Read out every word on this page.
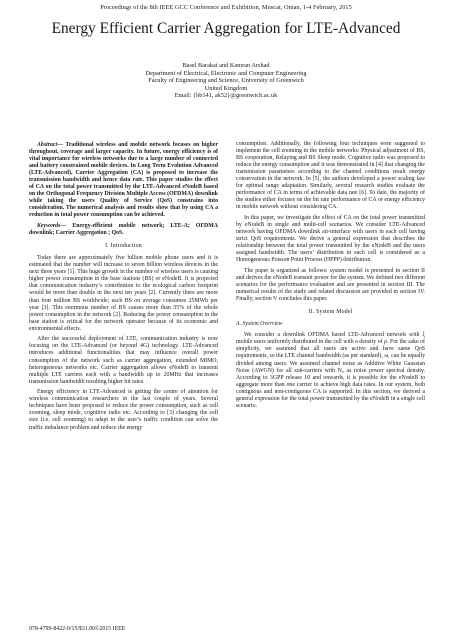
Proceedings of the 8th IEEE GCC Conference and Exhibition, Muscat, Oman, 1-4 February, 2015
Energy Efficient Carrier Aggregation for LTE-Advanced
Basel Barakat and Kamran Arshad
Department of Electrical, Electronic and Computer Engineering
Faculty of Engineering and Science, University of Greenwich
United Kingdom
Email: {bb141, ak52}@greenwich.ac.uk

Abstract— Traditional wireless and mobile network focuses on higher throughout, coverage and larger capacity. In future, energy efficiency is of vital importance for wireless networks due to a large number of connected and battery constrained mobile devices. In Long Term Evolution Advanced (LTE-Advanced), Carrier Aggregation (CA) is proposed to increase the transmission bandwidth and hence data rate. This paper studies the effect of CA on the total power transmitted by the LTE-Advanced eNodeB based on the Orthogonal Frequency Division Multiple Access (OFDMA) downlink while taking the users Quality of Service (QoS) constrains into consideration. The numerical analysis and results show that by using CA a reduction in total power consumption can be achieved.

Keywords— Energy-efficient mobile network; LTE-A; OFDMA downlink; Carrier Aggregation ; QoS.

I. Introduction

Today there are approximately five billion mobile phone users and it is estimated that the number will increase to seven billion wireless devices in the next three years [1]. This huge growth in the number of wireless users is causing higher power consumption in the base stations (BS) or eNodeB. It is projected that communication industry’s contribution to the ecological carbon footprint would be more than double in the next ten years [2]. Currently there are more than four million BS worldwide; each BS on average consumes 25MWh per year [3]. This enormous number of BS causes more than 55% of the whole power consumption in the network [2]. Reducing the power consumption in the base station is critical for the network operator because of its economic and environmental effects.

After the successful deployment of LTE, communication industry is now focusing on the LTE-Advanced (or beyond 4G) technology. LTE-Advanced introduces additional functionalities that may influence overall power consumption of the network such as carrier aggregation, extended MIMO, heterogeneous networks etc. Carrier aggregation allows eNodeB to transmit multiple LTE carriers each with a bandwidth up to 20MHz that increases transmission bandwidth resulting higher bit rates.

Energy efficiency in LTE-Advanced is getting the centre of attention for wireless communication researchers in the last couple of years. Several techniques have been proposed to reduce the power consumption, such as cell zooming, sleep mode, cognitive radio etc. According to [3] changing the cell size (i.e. cell zooming) to adapt to the user’s traffic condition can solve the traffic imbalance problem and reduce the energy

consumption. Additionally, the following four techniques were suggested to implement the cell zooming in the mobile networks: Physical adjustment of BS, BS cooperation, Relaying and BS Sleep mode. Cognitive radio was proposed to reduce the energy consumption and it was demonstrated in [4] that changing the transmission parameters according to the channel conditions result energy conservation in the network. In [5], the authors developed a power scaling law for optimal range adaptation. Similarly, several research studies evaluate the performance of CA in terms of achievable data rate [6]. To date, the majority of the studies either focuses on the bit rate performance of CA or energy efficiency in mobile network without considering CA.

In this paper, we investigate the effect of CA on the total power transmitted by eNodeB in single and multi-cell scenarios. We consider LTE-Advanced network having OFDMA downlink air-interface with users in each cell having strict QoS requirements. We derive a general expression that describes the relationship between the total power transmitted by the eNodeB and the users assigned bandwidth. The users’ distribution in each cell is considered as a Homogeneous Poisson Point Process (HPPP) distribution.

The paper is organised as follows: system model is presented in section II and derives the eNodeB transmit power for the system. We defined two different scenarios for the performance evaluation and are presented in section III. The numerical results of the study and related discussion are provided in section IV. Finally, section V concludes this paper.

II. System Model
A. System Overview

We consider a downlink OFDMA based LTE-Advanced network with ξ mobile users uniformly distributed in the cell with a density of ρ. For the sake of simplicity, we assumed that all users are active and have same QoS requirements, so the LTE channel bandwidth (as per standard), ω, can be equally divided among users. We assumed channel noise as Additive White Gaussian Noise (AWGN) for all sub-carriers with N₀ as noise power spectral density. According to 3GPP release 10 and onwards, it is possible for the eNodeB to aggregate more than one carrier to achieve high data rates. In our system, both contiguous and non-contiguous CA is supported. In this section, we derived a general expression for the total power transmitted by the eNodeB in a single cell scenario.

978-4799-8422-0/15/$31.00©2015 IEEE
